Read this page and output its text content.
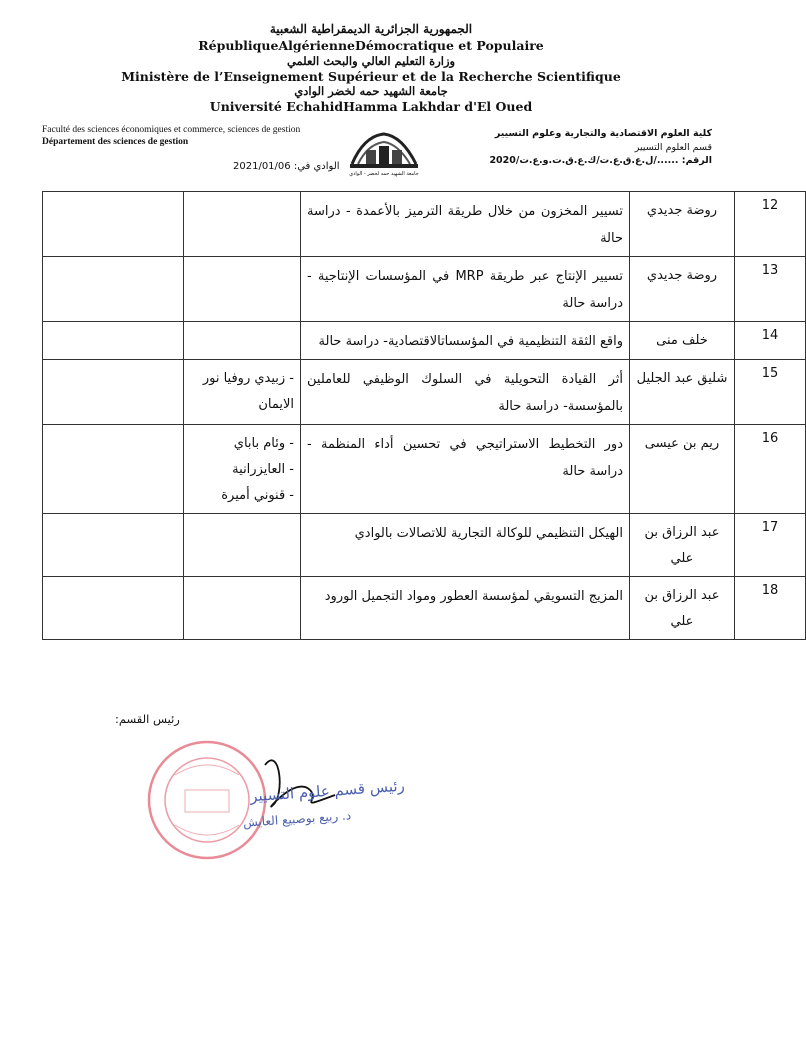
الجمهورية الجزائرية الديمقراطية الشعبية
RépubliqueAlgérienneDémocratique et Populaire
وزارة التعليم العالي والبحث العلمي
Ministère de l’Enseignement Supérieur et de la Recherche Scientifique
جامعة الشهيد حمه لخضر الوادي
Université EchahidHamma Lakhdar d'El Oued
Faculté des sciences économiques et commerce, sciences de gestion
Département des sciences de gestion
كلية العلوم الاقتصادية والتجارية وعلوم التسيير
قسم العلوم التسيير
الرقم: ....../ل.ع.ق.ع.ت/ك.ع.ق.ت.و.ع.ت/2020
جامعة الشهيد حمه لخضر - الوادي
الوادي في: 2021/01/06
12	روضة جديدي	تسيير المخزون من خلال طريقة الترميز بالأعمدة - دراسة حالة		
13	روضة جديدي	تسيير الإنتاج عبر طريقة MRP في المؤسسات الإنتاجية - دراسة حالة		
14	خلف منى	واقع الثقة التنظيمية في المؤسساتالاقتصادية- دراسة حالة		
15	شليق عبد الجليل	أثر القيادة التحويلية في السلوك الوظيفي للعاملين بالمؤسسة- دراسة حالة	- زبيدي روفيا نور الايمان	
16	ريم بن عيسى	دور التخطيط الاستراتيجي في تحسين أداء المنظمة - دراسة حالة	- وئام باباي
- العايزرانية
- قنوني أميرة	
17	عبد الرزاق بن علي	الهيكل التنظيمي للوكالة التجارية للاتصالات بالوادي		
18	عبد الرزاق بن علي	المزيج التسويقي لمؤسسة العطور ومواد التجميل الورود		
رئيس القسم:
رئيس قسم علوم التسيير
د. ربيع بوصبيع العايش
